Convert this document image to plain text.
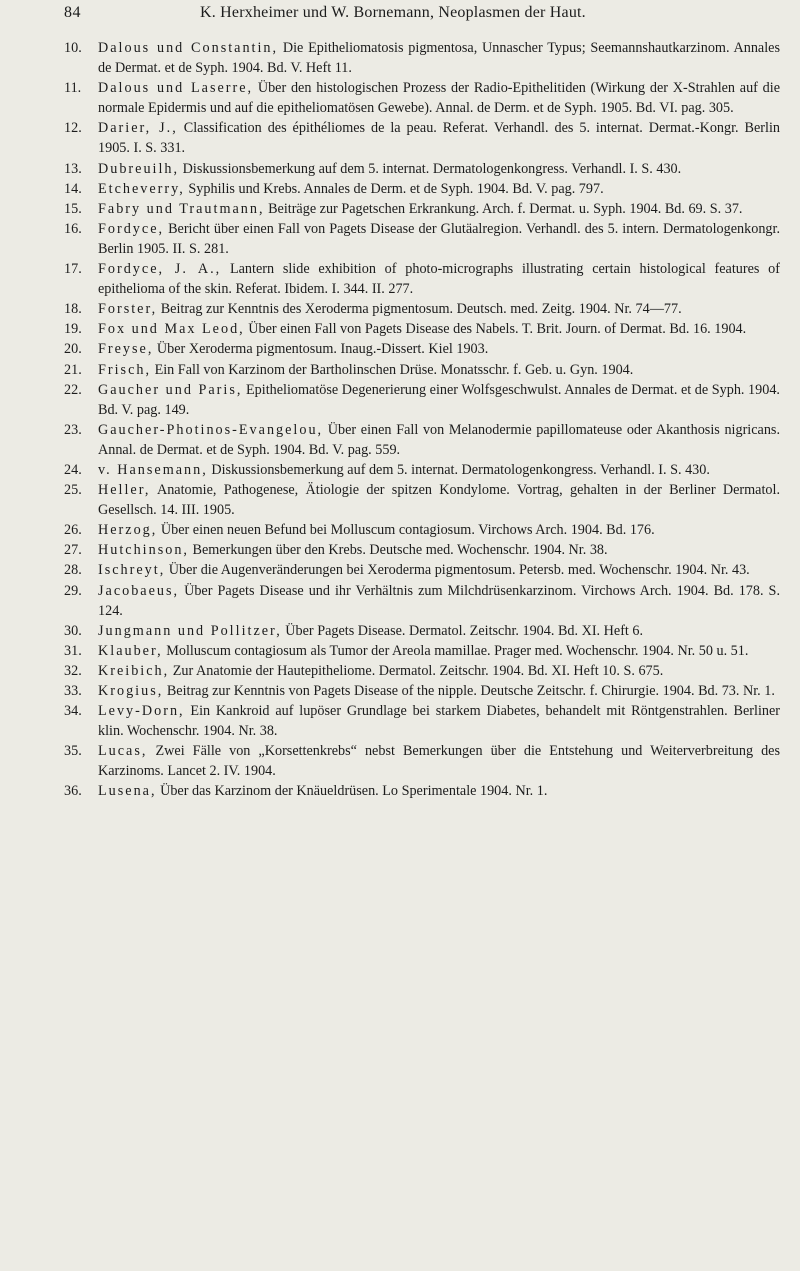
84	K. Herxheimer und W. Bornemann, Neoplasmen der Haut.
10. Dalous und Constantin, Die Epitheliomatosis pigmentosa, Unnascher Typus; Seemannshautkarzinom. Annales de Dermat. et de Syph. 1904. Bd. V. Heft 11.
11. Dalous und Laserre, Über den histologischen Prozess der Radio-Epithelitiden (Wirkung der X-Strahlen auf die normale Epidermis und auf die epitheliomatösen Gewebe). Annal. de Derm. et de Syph. 1905. Bd. VI. pag. 305.
12. Darier, J., Classification des épithéliomes de la peau. Referat. Verhandl. des 5. internat. Dermat.-Kongr. Berlin 1905. I. S. 331.
13. Dubreuilh, Diskussionsbemerkung auf dem 5. internat. Dermatologenkongress. Verhandl. I. S. 430.
14. Etcheverry, Syphilis und Krebs. Annales de Derm. et de Syph. 1904. Bd. V. pag. 797.
15. Fabry und Trautmann, Beiträge zur Pagetschen Erkrankung. Arch. f. Dermat. u. Syph. 1904. Bd. 69. S. 37.
16. Fordyce, Bericht über einen Fall von Pagets Disease der Glutäalregion. Verhandl. des 5. intern. Dermatologenkongr. Berlin 1905. II. S. 281.
17. Fordyce, J. A., Lantern slide exhibition of photo-micrographs illustrating certain histological features of epithelioma of the skin. Referat. Ibidem. I. 344. II. 277.
18. Forster, Beitrag zur Kenntnis des Xeroderma pigmentosum. Deutsch. med. Zeitg. 1904. Nr. 74—77.
19. Fox und Max Leod, Über einen Fall von Pagets Disease des Nabels. T. Brit. Journ. of Dermat. Bd. 16. 1904.
20. Freyse, Über Xeroderma pigmentosum. Inaug.-Dissert. Kiel 1903.
21. Frisch, Ein Fall von Karzinom der Bartholinschen Drüse. Monatsschr. f. Geb. u. Gyn. 1904.
22. Gaucher und Paris, Epitheliomatöse Degenerierung einer Wolfsgeschwulst. Annales de Dermat. et de Syph. 1904. Bd. V. pag. 149.
23. Gaucher-Photinos-Evangelou, Über einen Fall von Melanodermie papillomateuse oder Akanthosis nigricans. Annal. de Dermat. et de Syph. 1904. Bd. V. pag. 559.
24. v. Hansemann, Diskussionsbemerkung auf dem 5. internat. Dermatologenkongress. Verhandl. I. S. 430.
25. Heller, Anatomie, Pathogenese, Ätiologie der spitzen Kondylome. Vortrag, gehalten in der Berliner Dermatol. Gesellsch. 14. III. 1905.
26. Herzog, Über einen neuen Befund bei Molluscum contagiosum. Virchows Arch. 1904. Bd. 176.
27. Hutchinson, Bemerkungen über den Krebs. Deutsche med. Wochenschr. 1904. Nr. 38.
28. Ischreyt, Über die Augenveränderungen bei Xeroderma pigmentosum. Petersb. med. Wochenschr. 1904. Nr. 43.
29. Jacobaeus, Über Pagets Disease und ihr Verhältnis zum Milchdrüsenkarzinom. Virchows Arch. 1904. Bd. 178. S. 124.
30. Jungmann und Pollitzer, Über Pagets Disease. Dermatol. Zeitschr. 1904. Bd. XI. Heft 6.
31. Klauber, Molluscum contagiosum als Tumor der Areola mamillae. Prager med. Wochenschr. 1904. Nr. 50 u. 51.
32. Kreibich, Zur Anatomie der Hautepitheliome. Dermatol. Zeitschr. 1904. Bd. XI. Heft 10. S. 675.
33. Krogius, Beitrag zur Kenntnis von Pagets Disease of the nipple. Deutsche Zeitschr. f. Chirurgie. 1904. Bd. 73. Nr. 1.
34. Levy-Dorn, Ein Kankroid auf lupöser Grundlage bei starkem Diabetes, behandelt mit Röntgenstrahlen. Berliner klin. Wochenschr. 1904. Nr. 38.
35. Lucas, Zwei Fälle von „Korsettenkrebs“ nebst Bemerkungen über die Entstehung und Weiterverbreitung des Karzinoms. Lancet 2. IV. 1904.
36. Lusena, Über das Karzinom der Knäueldrüsen. Lo Sperimentale 1904. Nr. 1.
